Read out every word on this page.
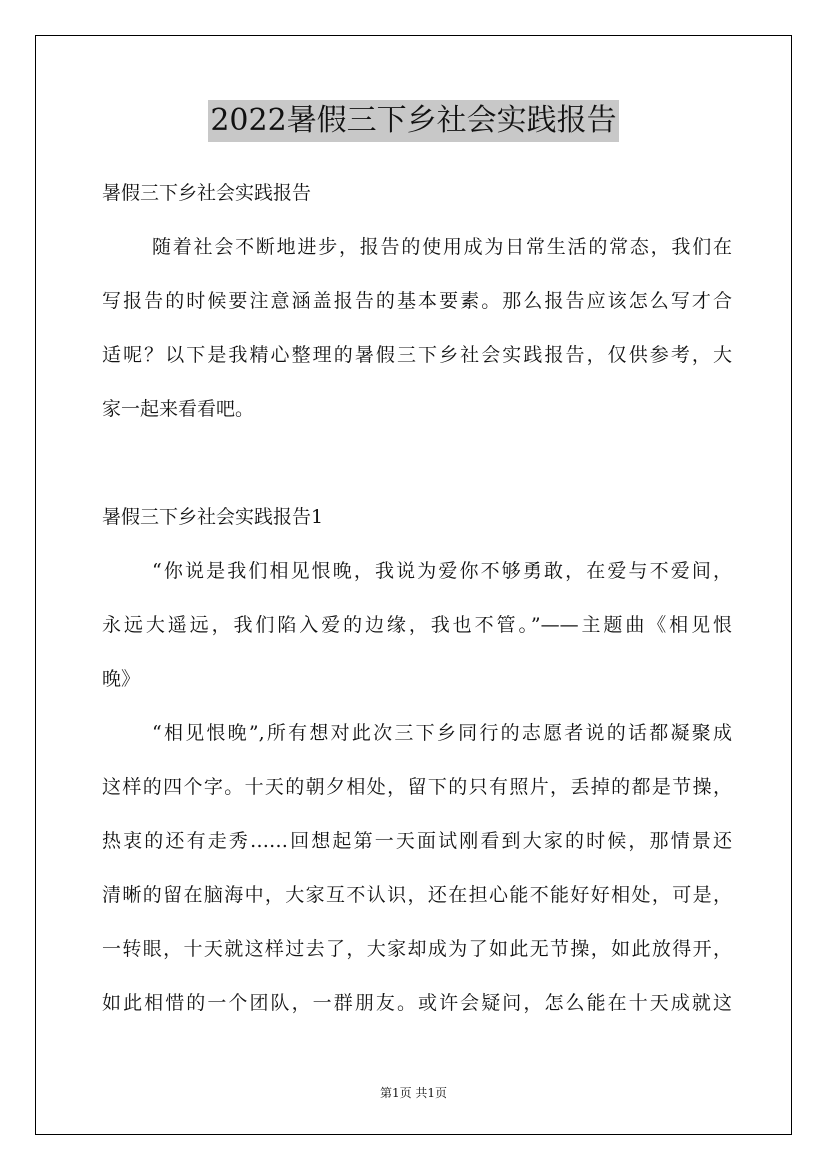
2022暑假三下乡社会实践报告
暑假三下乡社会实践报告
随着社会不断地进步，报告的使用成为日常生活的常态，我们在
写报告的时候要注意涵盖报告的基本要素。那么报告应该怎么写才合
适呢？以下是我精心整理的暑假三下乡社会实践报告，仅供参考，大
家一起来看看吧。
暑假三下乡社会实践报告1
“你说是我们相见恨晚，我说为爱你不够勇敢，在爱与不爱间，
永远大遥远，我们陷入爱的边缘，我也不管。”——主题曲《相见恨
晚》
“相见恨晚”,所有想对此次三下乡同行的志愿者说的话都凝聚成
这样的四个字。十天的朝夕相处，留下的只有照片，丢掉的都是节操，
热衷的还有走秀……回想起第一天面试刚看到大家的时候，那情景还
清晰的留在脑海中，大家互不认识，还在担心能不能好好相处，可是，
一转眼，十天就这样过去了，大家却成为了如此无节操，如此放得开，
如此相惜的一个团队，一群朋友。或许会疑问，怎么能在十天成就这
第1页 共1页
